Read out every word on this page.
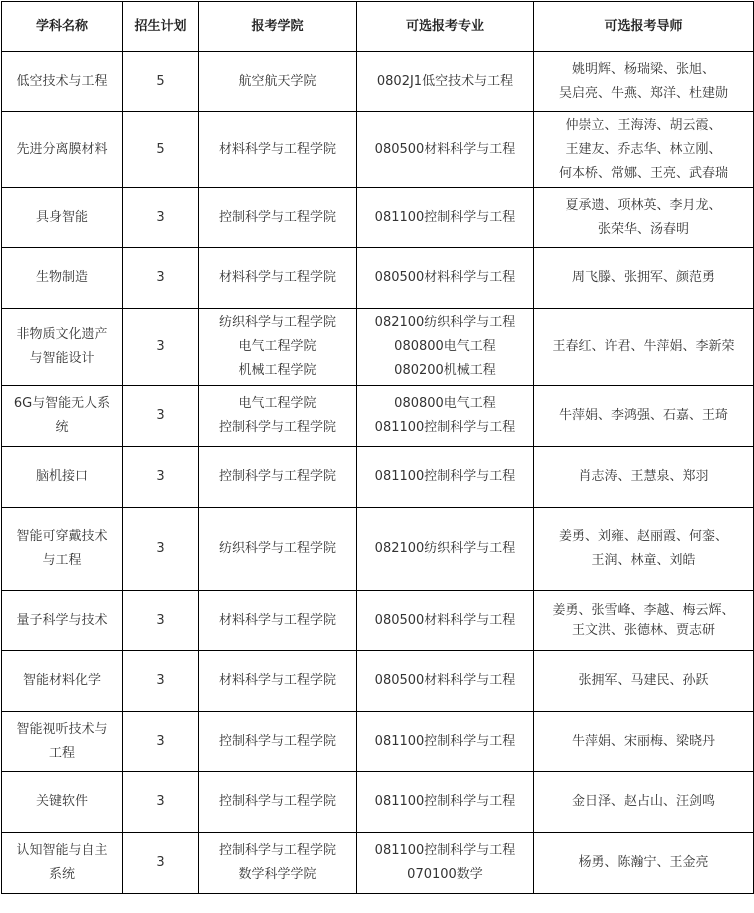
学科名称	招生计划	报考学院	可选报考专业	可选报考导师
低空技术与工程	5	航空航天学院	0802J1低空技术与工程	姚明辉、杨瑞梁、张旭、
吴启亮、牛燕、郑洋、杜建勋

先进分离膜材料	5	材料科学与工程学院	080500材料科学与工程	仲崇立、王海涛、胡云霞、
王建友、乔志华、林立刚、
何本桥、常娜、王亮、武春瑞

具身智能	3	控制科学与工程学院	081100控制科学与工程	夏承遗、项林英、李月龙、
张荣华、汤春明

生物制造	3	材料科学与工程学院	080500材料科学与工程	周飞滕、张拥军、颜范勇

非物质文化遗产
与智能设计	3	纺织科学与工程学院
电气工程学院
机械工程学院	082100纺织科学与工程
080800电气工程
080200机械工程	王春红、许君、牛萍娟、李新荣

6G与智能无人系
统	3	电气工程学院
控制科学与工程学院	080800电气工程
081100控制科学与工程	牛萍娟、李鸿强、石嘉、王琦

脑机接口	3	控制科学与工程学院	081100控制科学与工程	肖志涛、王慧泉、郑羽

智能可穿戴技术
与工程	3	纺织科学与工程学院	082100纺织科学与工程	姜勇、刘雍、赵丽霞、何銮、
王润、林童、刘皓

量子科学与技术	3	材料科学与工程学院	080500材料科学与工程	姜勇、张雪峰、李越、梅云辉、
王文洪、张德林、贾志研

智能材料化学	3	材料科学与工程学院	080500材料科学与工程	张拥军、马建民、孙跃

智能视听技术与
工程	3	控制科学与工程学院	081100控制科学与工程	牛萍娟、宋丽梅、梁晓丹

关键软件	3	控制科学与工程学院	081100控制科学与工程	金日泽、赵占山、汪剑鸣

认知智能与自主
系统	3	控制科学与工程学院
数学科学学院	081100控制科学与工程
070100数学	杨勇、陈瀚宁、王金亮
